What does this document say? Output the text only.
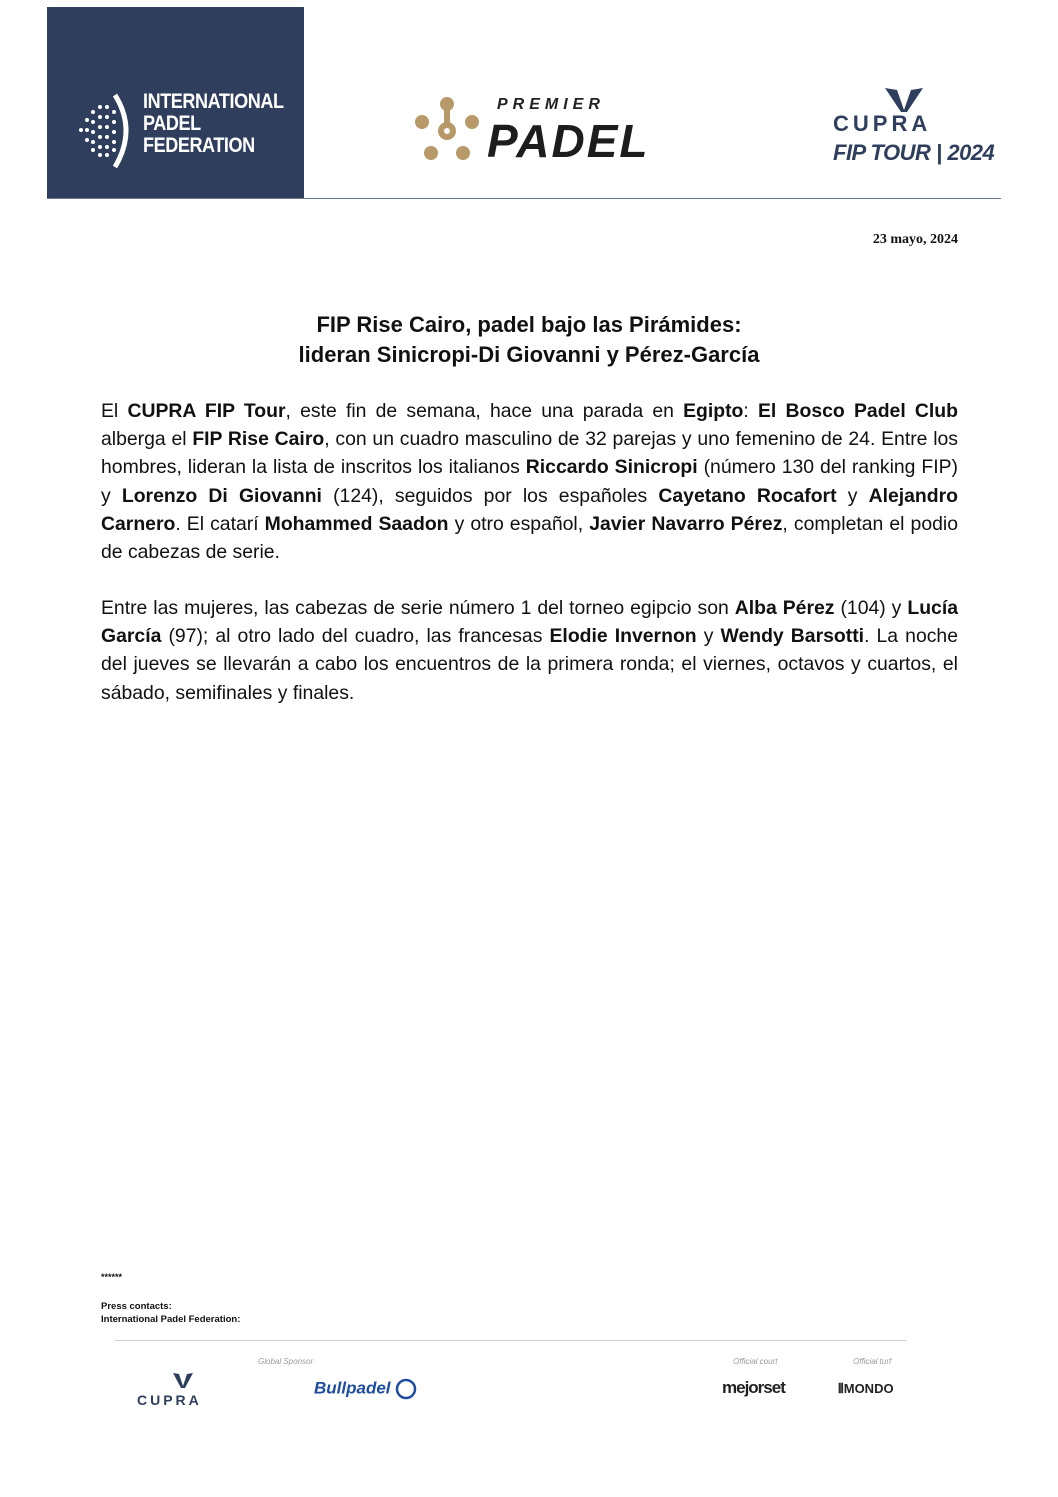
INTERNATIONAL
PADEL
FEDERATION
PREMIER
PADEL	CUPRA
FIP TOUR | 2024
23 mayo, 2024
FIP Rise Cairo, padel bajo las Pirámides:
lideran Sinicropi-Di Giovanni y Pérez-García
El CUPRA FIP Tour, este fin de semana, hace una parada en Egipto: El Bosco Padel Club alberga el FIP Rise Cairo, con un cuadro masculino de 32 parejas y uno femenino de 24. Entre los hombres, lideran la lista de inscritos los italianos Riccardo Sinicropi (número 130 del ranking FIP) y Lorenzo Di Giovanni (124), seguidos por los españoles Cayetano Rocafort y Alejandro Carnero. El catarí Mohammed Saadon y otro español, Javier Navarro Pérez, completan el podio de cabezas de serie.
Entre las mujeres, las cabezas de serie número 1 del torneo egipcio son Alba Pérez (104) y Lucía García (97); al otro lado del cuadro, las francesas Elodie Invernon y Wendy Barsotti. La noche del jueves se llevarán a cabo los encuentros de la primera ronda; el viernes, octavos y cuartos, el sábado, semifinales y finales.
******
Press contacts:
International Padel Federation:
Global Sponsor	Official court	Official turf
CUPRA
Bullpadel	mejorset	⦀MONDO
